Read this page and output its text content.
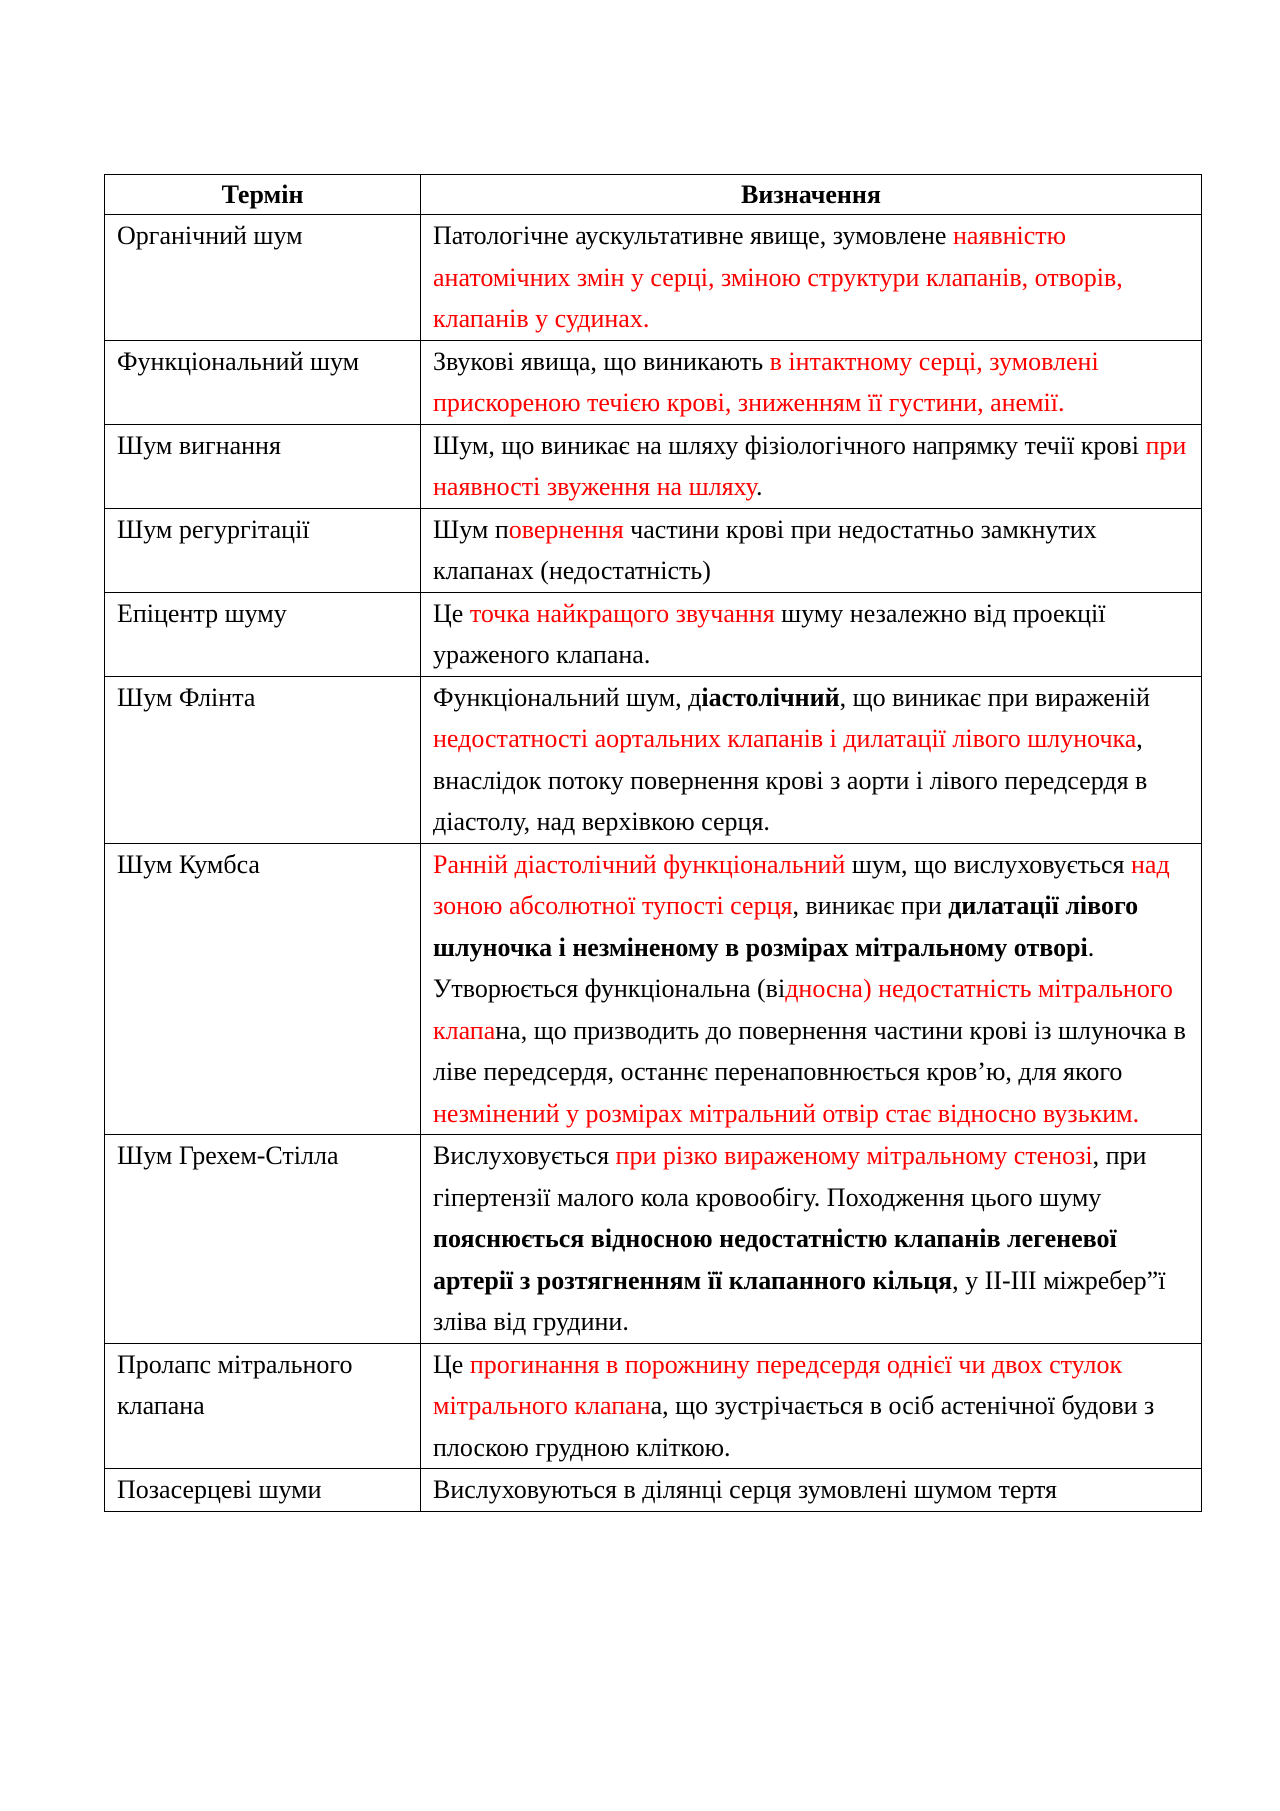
Термін	Визначення
Органічний шум	Патологічне аускультативне явище, зумовлене наявністю анатомічних змін у серці, зміною структури клапанів, отворів, клапанів у судинах.
Функціональний шум	Звукові явища, що виникають в інтактному серці, зумовлені прискореною течією крові, зниженням її густини, анемії.
Шум вигнання	Шум, що виникає на шляху фізіологічного напрямку течії крові при наявності звуження на шляху.
Шум регургітації	Шум повернення частини крові при недостатньо замкнутих клапанах (недостатність)
Епіцентр шуму	Це точка найкращого звучання шуму незалежно від проекції ураженого клапана.
Шум Флінта	Функціональний шум, діастолічний, що виникає при вираженій недостатності аортальних клапанів і дилатації лівого шлуночка, внаслідок потоку повернення крові з аорти і лівого передсердя в діастолу, над верхівкою серця.
Шум Кумбса	Ранній діастолічний функціональний шум, що вислуховується над зоною абсолютної тупості серця, виникає при дилатації лівого шлуночка і незміненому в розмірах мітральному отворі. Утворюється функціональна (відносна) недостатність мітрального клапана, що призводить до повернення частини крові із шлуночка в ліве передсердя, останнє перенаповнюється кров’ю, для якого незмінений у розмірах мітральний отвір стає відносно вузьким.
Шум Грехем-Стілла	Вислуховується при різко вираженому мітральному стенозі, при гіпертензії малого кола кровообігу. Походження цього шуму пояснюється відносною недостатністю клапанів легеневої артерії з розтягненням її клапанного кільця, у ІІ-ІІІ міжребер”ї зліва від грудини.
Пролапс мітрального клапана	Це прогинання в порожнину передсердя однієї чи двох стулок мітрального клапана, що зустрічається в осіб астенічної будови з плоскою грудною кліткою.
Позасерцеві шуми	Вислуховуються в ділянці серця зумовлені шумом тертя
